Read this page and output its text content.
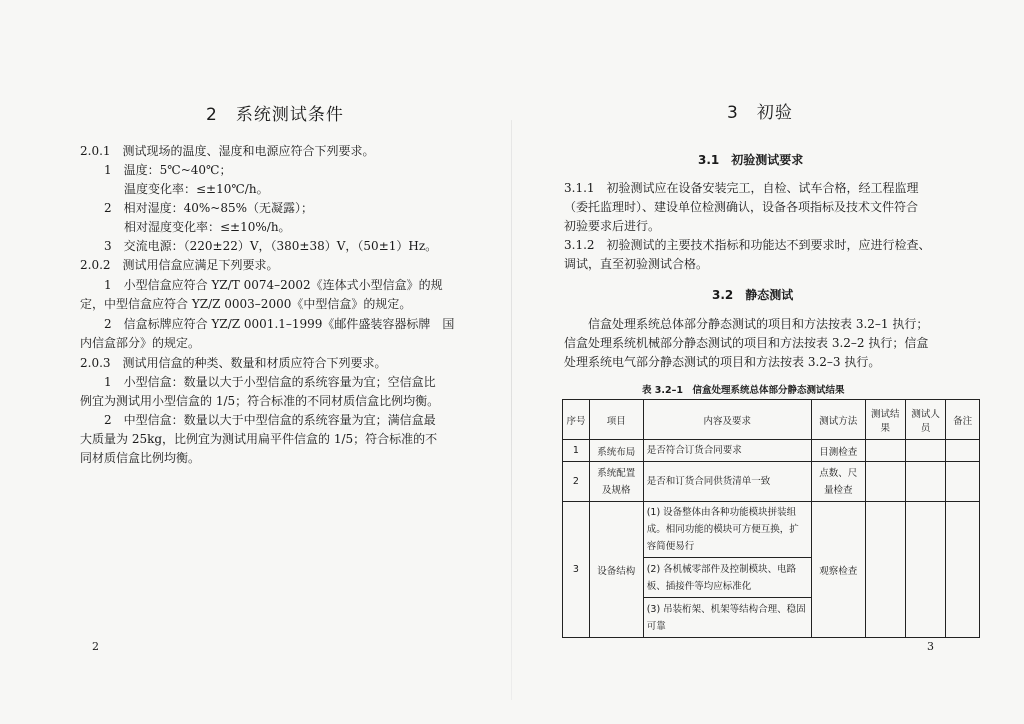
2　系统测试条件
2.0.1　测试现场的温度、湿度和电源应符合下列要求。
1　温度：5℃~40℃；
温度变化率：≤±10℃/h。
2　相对湿度：40%~85%（无凝露）；
相对湿度变化率：≤±10%/h。
3　交流电源：（220±22）V，（380±38）V，（50±1）Hz。
2.0.2　测试用信盒应满足下列要求。
1　小型信盒应符合 YZ/T 0074–2002《连体式小型信盒》的规
定，中型信盒应符合 YZ/Z 0003–2000《中型信盒》的规定。
2　信盒标牌应符合 YZ/Z 0001.1–1999《邮件盛装容器标牌　国
内信盒部分》的规定。
2.0.3　测试用信盒的种类、数量和材质应符合下列要求。
1　小型信盒：数量以大于小型信盒的系统容量为宜；空信盒比
例宜为测试用小型信盒的 1/5；符合标准的不同材质信盒比例均衡。
2　中型信盒：数量以大于中型信盒的系统容量为宜；满信盒最
大质量为 25kg，比例宜为测试用扁平件信盒的 1/5；符合标准的不
同材质信盒比例均衡。
2
3　初验
3.1　初验测试要求
3.1.1　初验测试应在设备安装完工，自检、试车合格，经工程监理
（委托监理时）、建设单位检测确认，设备各项指标及技术文件符合
初验要求后进行。
3.1.2　初验测试的主要技术指标和功能达不到要求时，应进行检查、
调试，直至初验测试合格。
3.2　静态测试
信盒处理系统总体部分静态测试的项目和方法按表 3.2–1 执行；
信盒处理系统机械部分静态测试的项目和方法按表 3.2–2 执行；信盒
处理系统电气部分静态测试的项目和方法按表 3.2–3 执行。
表 3.2–1　信盒处理系统总体部分静态测试结果
序号	项目	内容及要求	测试方法	测试结果	测试人员	备注
1	系统布局	是否符合订货合同要求	目测检查			
2	系统配置及规格	是否和订货合同供货清单一致	点数、尺量检查			
3	设备结构	(1) 设备整体由各种功能模块拼装组成。相同功能的模块可方便互换，扩容简便易行	观察检查			
		(2) 各机械零部件及控制模块、电路板、插接件等均应标准化				
		(3) 吊装桁架、机架等结构合理、稳固可靠				
3
